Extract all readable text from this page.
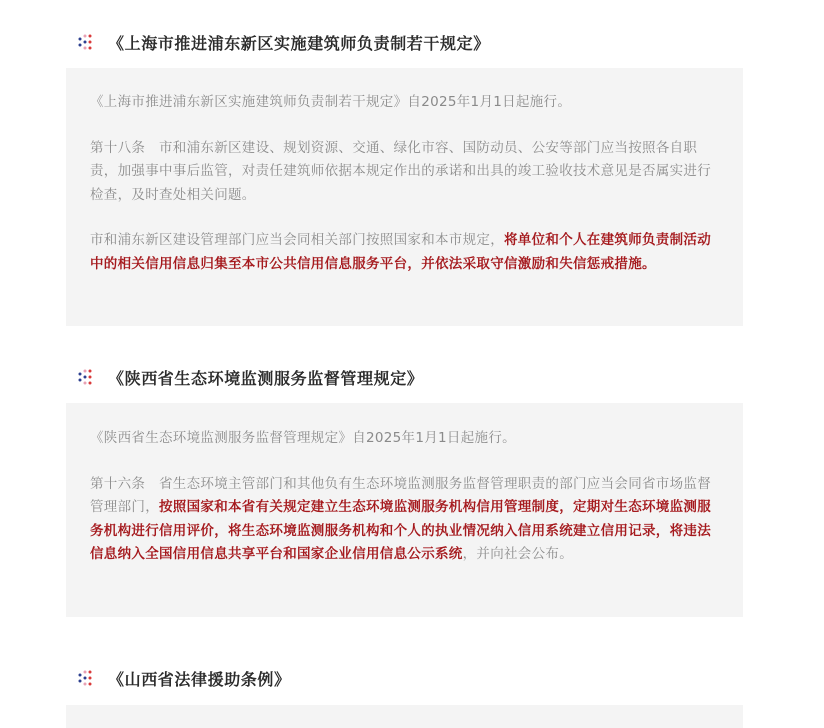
《上海市推进浦东新区实施建筑师负责制若干规定》

《上海市推进浦东新区实施建筑师负责制若干规定》自2025年1月1日起施行。

第十八条　市和浦东新区建设、规划资源、交通、绿化市容、国防动员、公安等部门应当按照各自职责，加强事中事后监管，对责任建筑师依据本规定作出的承诺和出具的竣工验收技术意见是否属实进行检查，及时查处相关问题。

市和浦东新区建设管理部门应当会同相关部门按照国家和本市规定，将单位和个人在建筑师负责制活动中的相关信用信息归集至本市公共信用信息服务平台，并依法采取守信激励和失信惩戒措施。

《陕西省生态环境监测服务监督管理规定》

《陕西省生态环境监测服务监督管理规定》自2025年1月1日起施行。

第十六条　省生态环境主管部门和其他负有生态环境监测服务监督管理职责的部门应当会同省市场监督管理部门，按照国家和本省有关规定建立生态环境监测服务机构信用管理制度，定期对生态环境监测服务机构进行信用评价，将生态环境监测服务机构和个人的执业情况纳入信用系统建立信用记录，将违法信息纳入全国信用信息共享平台和国家企业信用信息公示系统，并向社会公布。

《山西省法律援助条例》
